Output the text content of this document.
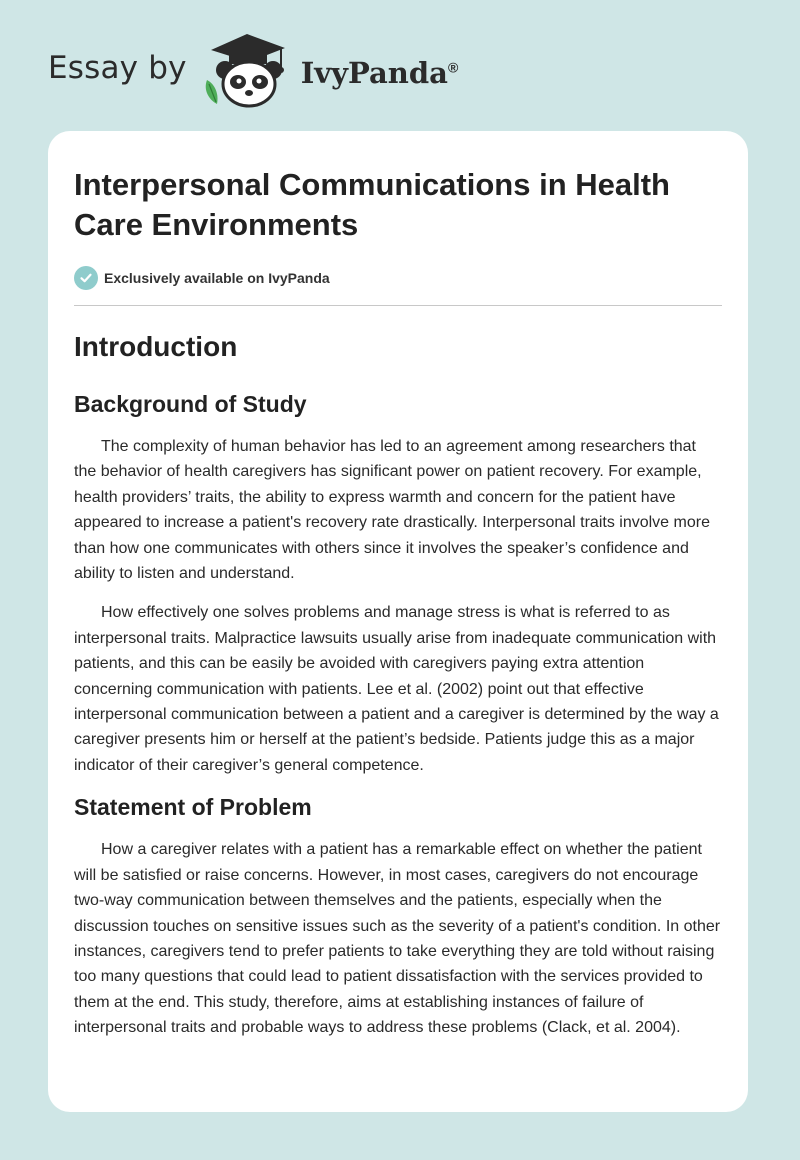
Essay by	IvyPanda®
Interpersonal Communications in Health Care Environments
Exclusively available on IvyPanda
Introduction
Background of Study

The complexity of human behavior has led to an agreement among researchers that the behavior of health caregivers has significant power on patient recovery. For example, health providers’ traits, the ability to express warmth and concern for the patient have appeared to increase a patient's recovery rate drastically. Interpersonal traits involve more than how one communicates with others since it involves the speaker’s confidence and ability to listen and understand.

How effectively one solves problems and manage stress is what is referred to as interpersonal traits. Malpractice lawsuits usually arise from inadequate communication with patients, and this can be easily be avoided with caregivers paying extra attention concerning communication with patients. Lee et al. (2002) point out that effective interpersonal communication between a patient and a caregiver is determined by the way a caregiver presents him or herself at the patient’s bedside. Patients judge this as a major indicator of their caregiver’s general competence.

Statement of Problem

How a caregiver relates with a patient has a remarkable effect on whether the patient will be satisfied or raise concerns. However, in most cases, caregivers do not encourage two-way communication between themselves and the patients, especially when the discussion touches on sensitive issues such as the severity of a patient's condition. In other instances, caregivers tend to prefer patients to take everything they are told without raising too many questions that could lead to patient dissatisfaction with the services provided to them at the end. This study, therefore, aims at establishing instances of failure of interpersonal traits and probable ways to address these problems (Clack, et al. 2004).
